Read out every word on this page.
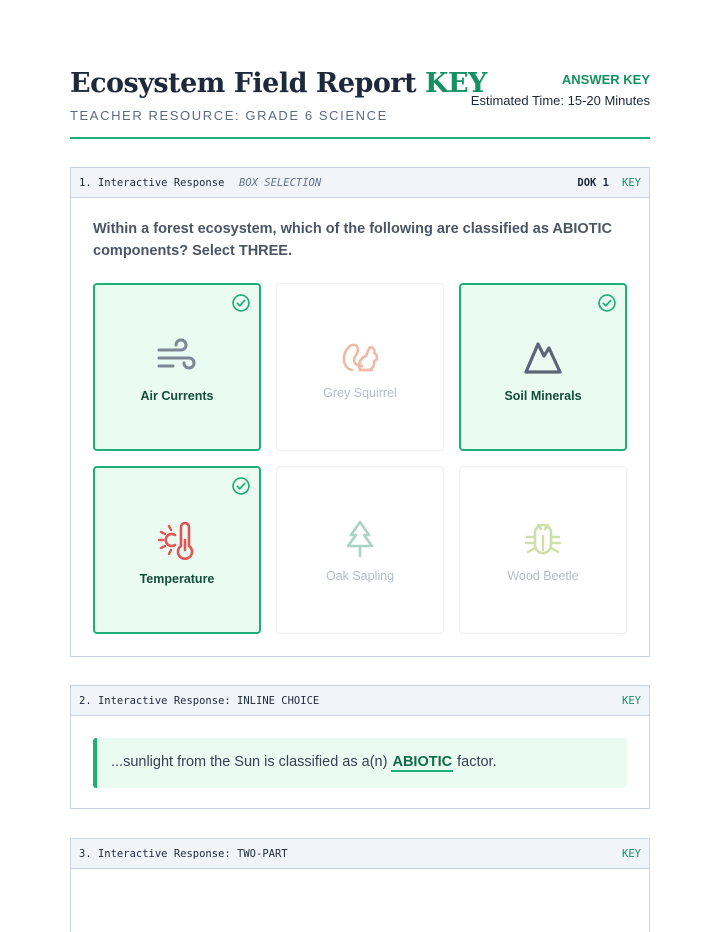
Ecosystem Field Report KEY
TEACHER RESOURCE: GRADE 6 SCIENCE
ANSWER KEY
Estimated Time: 15-20 Minutes
1. Interactive Response BOX SELECTION	DOK 1 KEY
Within a forest ecosystem, which of the following are classified as ABIOTIC components? Select THREE.
Air Currents	Grey Squirrel	Soil Minerals
Temperature	Oak Sapling	Wood Beetle
2. Interactive Response: INLINE CHOICE	KEY
...sunlight from the Sun is classified as a(n) ABIOTIC factor.
3. Interactive Response: TWO-PART	KEY
